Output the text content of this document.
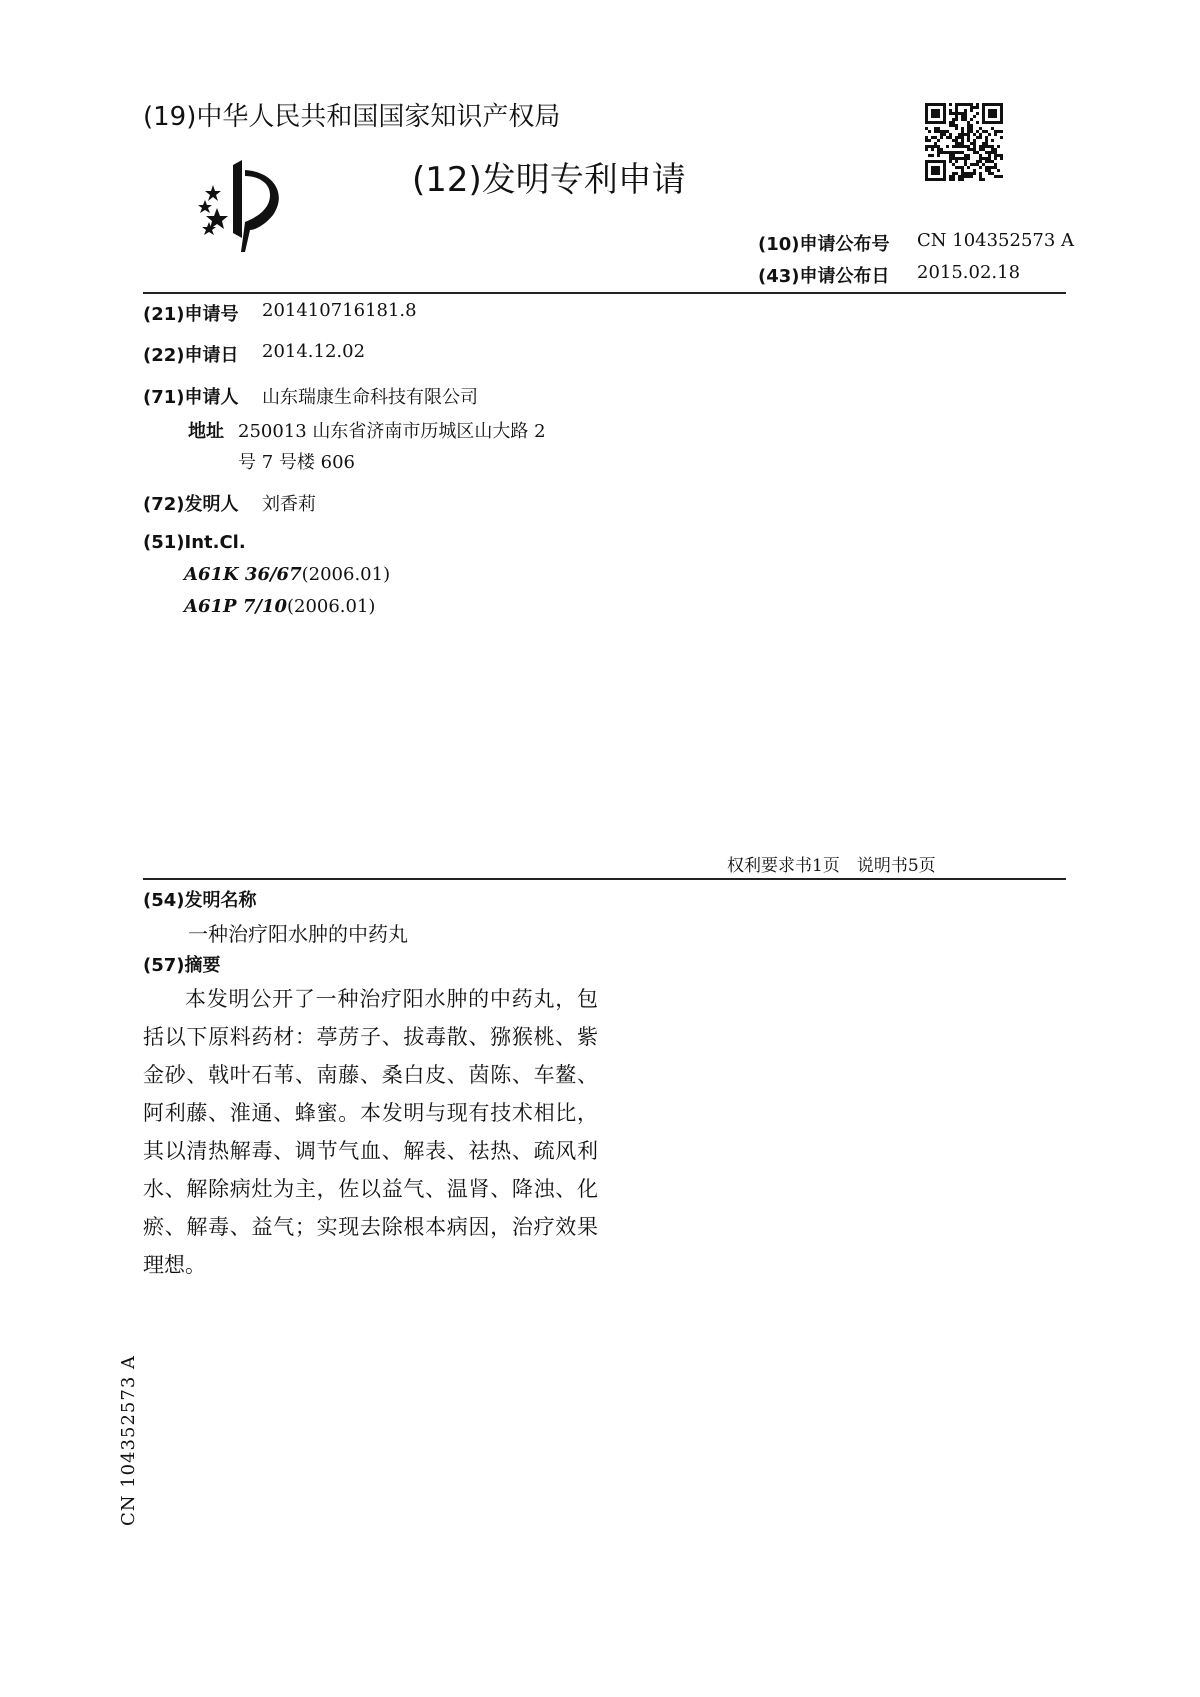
(19)中华人民共和国国家知识产权局
(12)发明专利申请
(10)申请公布号 CN 104352573 A
(43)申请公布日 2015.02.18
(21)申请号 201410716181.8
(22)申请日 2014.12.02
(71)申请人 山东瑞康生命科技有限公司
地址 250013 山东省济南市历城区山大路 2
号 7 号楼 606
(72)发明人 刘香莉
(51)Int.Cl.
A61K 36/67(2006.01)
A61P 7/10(2006.01)
权利要求书1页　说明书5页
(54)发明名称
一种治疗阳水肿的中药丸
(57)摘要
本发明公开了一种治疗阳水肿的中药丸，包括以下原料药材：葶苈子、拔毒散、猕猴桃、紫金砂、戟叶石苇、南藤、桑白皮、茵陈、车鳌、阿利藤、淮通、蜂蜜。本发明与现有技术相比，其以清热解毒、调节气血、解表、祛热、疏风利水、解除病灶为主，佐以益气、温肾、降浊、化瘀、解毒、益气；实现去除根本病因，治疗效果理想。
CN 104352573 A
